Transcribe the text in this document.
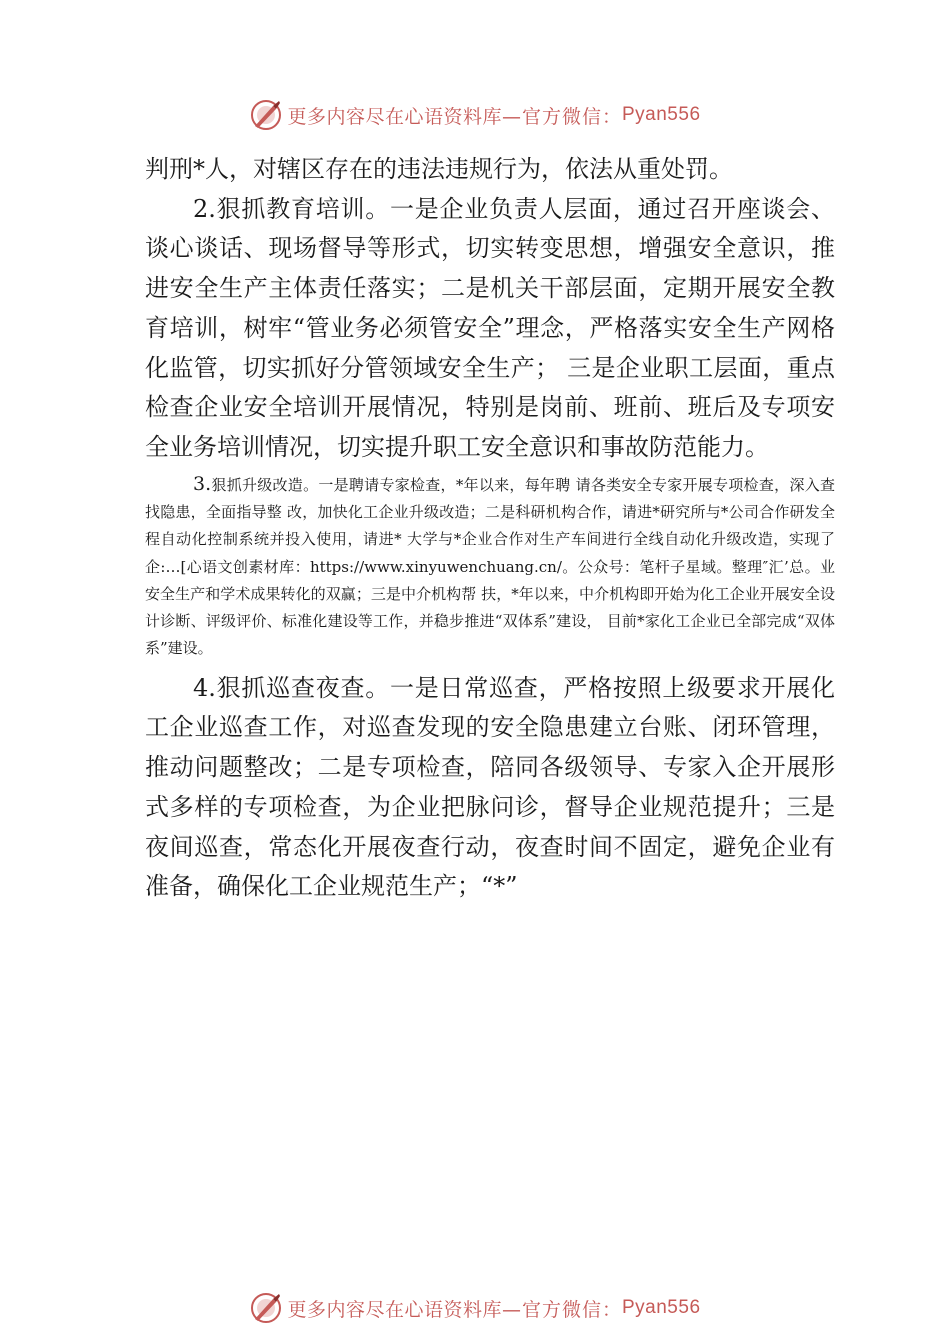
更多内容尽在心语资料库 —官方微信： Pyan556

判刑*人，对辖区存在的违法违规行为，依法从重处罚。

2.狠抓教育培训。一是企业负责人层面，通过召开座谈会、谈心谈话、现场督导等形式，切实转变思想，增强安全意识，推进安全生产主体责任落实；二是机关干部层面，定期开展安全教育培训，树牢“管业务必须管安全”理念，严格落实安全生产网格化监管，切实抓好分管领域安全生产； 三是企业职工层面，重点检查企业安全培训开展情况，特别是岗前、班前、班后及专项安全业务培训情况，切实提升职工安全意识和事故防范能力。

3.狠抓升级改造。一是聘请专家检查，*年以来，每年聘 请各类安全专家开展专项检查，深入查找隐患，全面指导整 改，加快化工企业升级改造；二是科研机构合作，请进*研究所与*公司合作研发全程自动化控制系统并投入使用，请进* 大学与*企业合作对生产车间进行全线自动化升级改造，实现了企:…[心语文创素材库：https://www.xinyuwenchuang.cn/。公众号：笔杆子星域。整理″汇’总。业安全生产和学术成果转化的双赢；三是中介机构帮 扶，*年以来，中介机构即开始为化工企业开展安全设计诊断、评级评价、标准化建设等工作，并稳步推进“双体系”建设， 目前*家化工企业已全部完成“双体系”建设。

4.狠抓巡查夜查。一是日常巡查，严格按照上级要求开展化工企业巡查工作，对巡查发现的安全隐患建立台账、闭环管理，推动问题整改；二是专项检查，陪同各级领导、专家入企开展形式多样的专项检查，为企业把脉问诊，督导企业规范提升；三是夜间巡查，常态化开展夜查行动，夜查时间不固定，避免企业有准备，确保化工企业规范生产；“*”

更多内容尽在心语资料库 —官方微信： Pyan556
